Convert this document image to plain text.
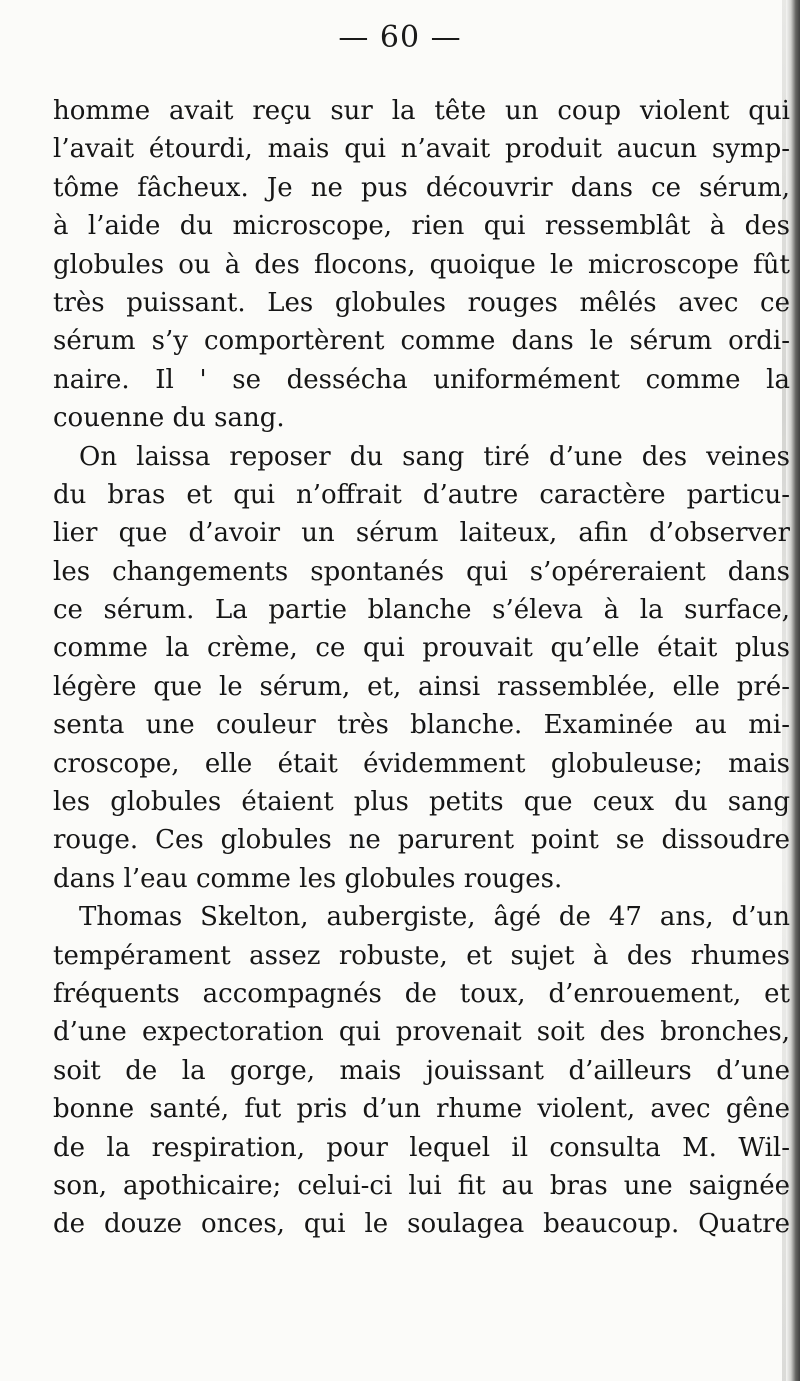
— 60 —
homme avait reçu sur la tête un coup violent qui
l’avait étourdi, mais qui n’avait produit aucun symp-
tôme fâcheux. Je ne pus découvrir dans ce sérum,
à l’aide du microscope, rien qui ressemblât à des
globules ou à des flocons, quoique le microscope fût
très puissant. Les globules rouges mêlés avec ce
sérum s’y comportèrent comme dans le sérum ordi-
naire. Il ' se dessécha uniformément comme la
couenne du sang.
On laissa reposer du sang tiré d’une des veines
du bras et qui n’offrait d’autre caractère particu-
lier que d’avoir un sérum laiteux, afin d’observer
les changements spontanés qui s’opéreraient dans
ce sérum. La partie blanche s’éleva à la surface,
comme la crème, ce qui prouvait qu’elle était plus
légère que le sérum, et, ainsi rassemblée, elle pré-
senta une couleur très blanche. Examinée au mi-
croscope, elle était évidemment globuleuse; mais
les globules étaient plus petits que ceux du sang
rouge. Ces globules ne parurent point se dissoudre
dans l’eau comme les globules rouges.
Thomas Skelton, aubergiste, âgé de 47 ans, d’un
tempérament assez robuste, et sujet à des rhumes
fréquents accompagnés de toux, d’enrouement, et
d’une expectoration qui provenait soit des bronches,
soit de la gorge, mais jouissant d’ailleurs d’une
bonne santé, fut pris d’un rhume violent, avec gêne
de la respiration, pour lequel il consulta M. Wil-
son, apothicaire; celui-ci lui fit au bras une saignée
de douze onces, qui le soulagea beaucoup. Quatre
